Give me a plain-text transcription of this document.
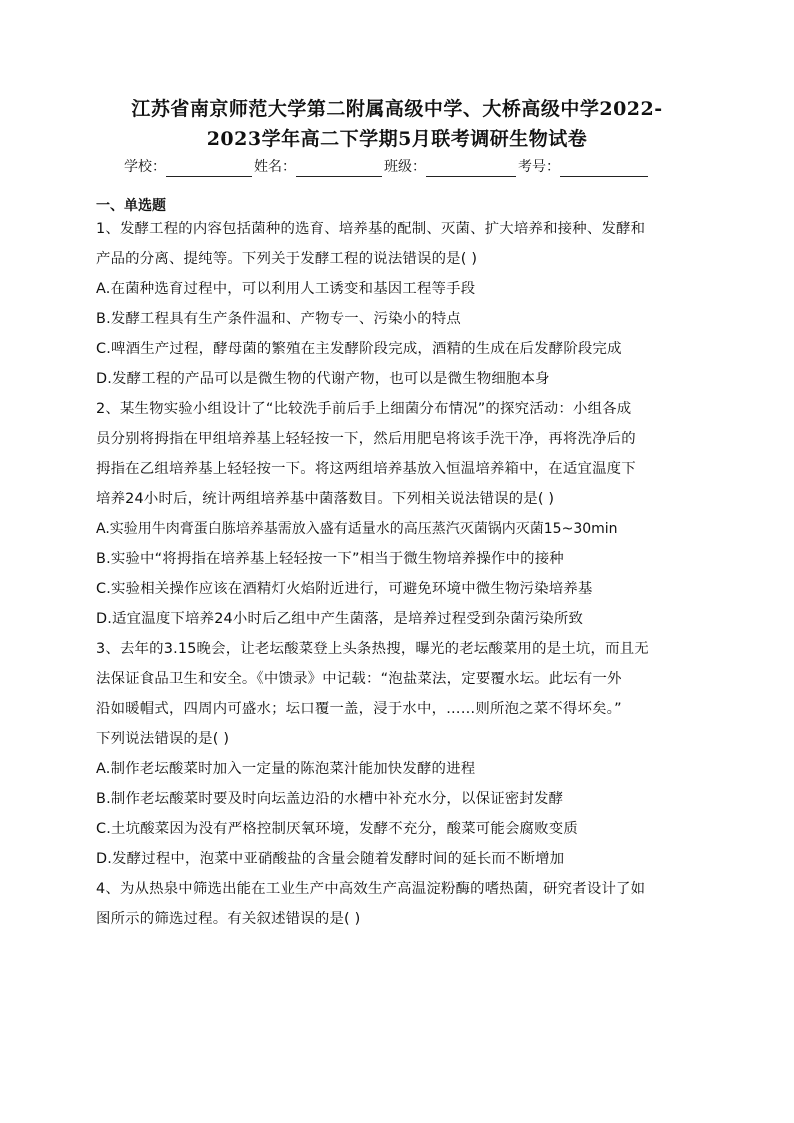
江苏省南京师范大学第二附属高级中学、大桥高级中学2022-
2023学年高二下学期5月联考调研生物试卷
学校：	姓名：	班级：	考号：
一、单选题
1、发酵工程的内容包括菌种的选育、培养基的配制、灭菌、扩大培养和接种、发酵和
产品的分离、提纯等。下列关于发酵工程的说法错误的是( )
A.在菌种选育过程中，可以利用人工诱变和基因工程等手段
B.发酵工程具有生产条件温和、产物专一、污染小的特点
C.啤酒生产过程，酵母菌的繁殖在主发酵阶段完成，酒精的生成在后发酵阶段完成
D.发酵工程的产品可以是微生物的代谢产物，也可以是微生物细胞本身
2、某生物实验小组设计了“比较洗手前后手上细菌分布情况”的探究活动：小组各成
员分别将拇指在甲组培养基上轻轻按一下，然后用肥皂将该手洗干净，再将洗净后的
拇指在乙组培养基上轻轻按一下。将这两组培养基放入恒温培养箱中，在适宜温度下
培养24小时后，统计两组培养基中菌落数目。下列相关说法错误的是( )
A.实验用牛肉膏蛋白胨培养基需放入盛有适量水的高压蒸汽灭菌锅内灭菌15~30min
B.实验中“将拇指在培养基上轻轻按一下”相当于微生物培养操作中的接种
C.实验相关操作应该在酒精灯火焰附近进行，可避免环境中微生物污染培养基
D.适宜温度下培养24小时后乙组中产生菌落，是培养过程受到杂菌污染所致
3、去年的3.15晚会，让老坛酸菜登上头条热搜，曝光的老坛酸菜用的是土坑，而且无
法保证食品卫生和安全。《中馈录》中记载：“泡盐菜法，定要覆水坛。此坛有一外
沿如暖帽式，四周内可盛水；坛口覆一盖，浸于水中，……则所泡之菜不得坏矣。”
下列说法错误的是( )
A.制作老坛酸菜时加入一定量的陈泡菜汁能加快发酵的进程
B.制作老坛酸菜时要及时向坛盖边沿的水槽中补充水分，以保证密封发酵
C.土坑酸菜因为没有严格控制厌氧环境，发酵不充分，酸菜可能会腐败变质
D.发酵过程中，泡菜中亚硝酸盐的含量会随着发酵时间的延长而不断增加
4、为从热泉中筛选出能在工业生产中高效生产高温淀粉酶的嗜热菌，研究者设计了如
图所示的筛选过程。有关叙述错误的是( )
